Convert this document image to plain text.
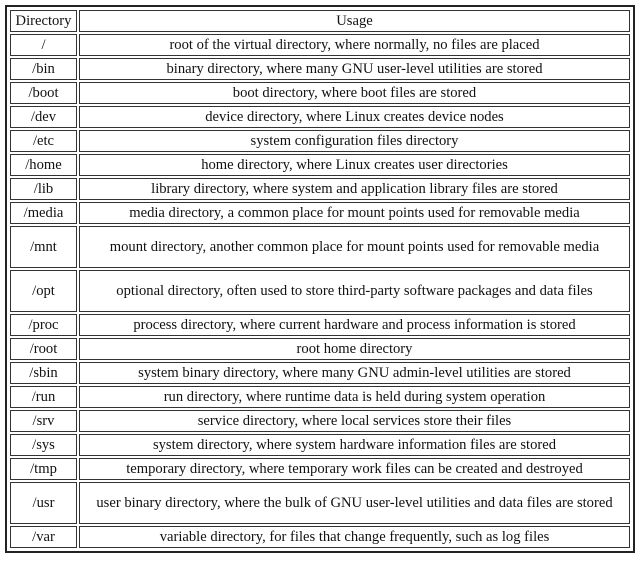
Directory	Usage
/	root of the virtual directory, where normally, no files are placed
/bin	binary directory, where many GNU user-level utilities are stored
/boot	boot directory, where boot files are stored
/dev	device directory, where Linux creates device nodes
/etc	system configuration files directory
/home	home directory, where Linux creates user directories
/lib	library directory, where system and application library files are stored
/media	media directory, a common place for mount points used for removable media
/mnt	mount directory, another common place for mount points used for removable media
/opt	optional directory, often used to store third-party software packages and data files
/proc	process directory, where current hardware and process information is stored
/root	root home directory
/sbin	system binary directory, where many GNU admin-level utilities are stored
/run	run directory, where runtime data is held during system operation
/srv	service directory, where local services store their files
/sys	system directory, where system hardware information files are stored
/tmp	temporary directory, where temporary work files can be created and destroyed
/usr	user binary directory, where the bulk of GNU user-level utilities and data files are stored
/var	variable directory, for files that change frequently, such as log files
